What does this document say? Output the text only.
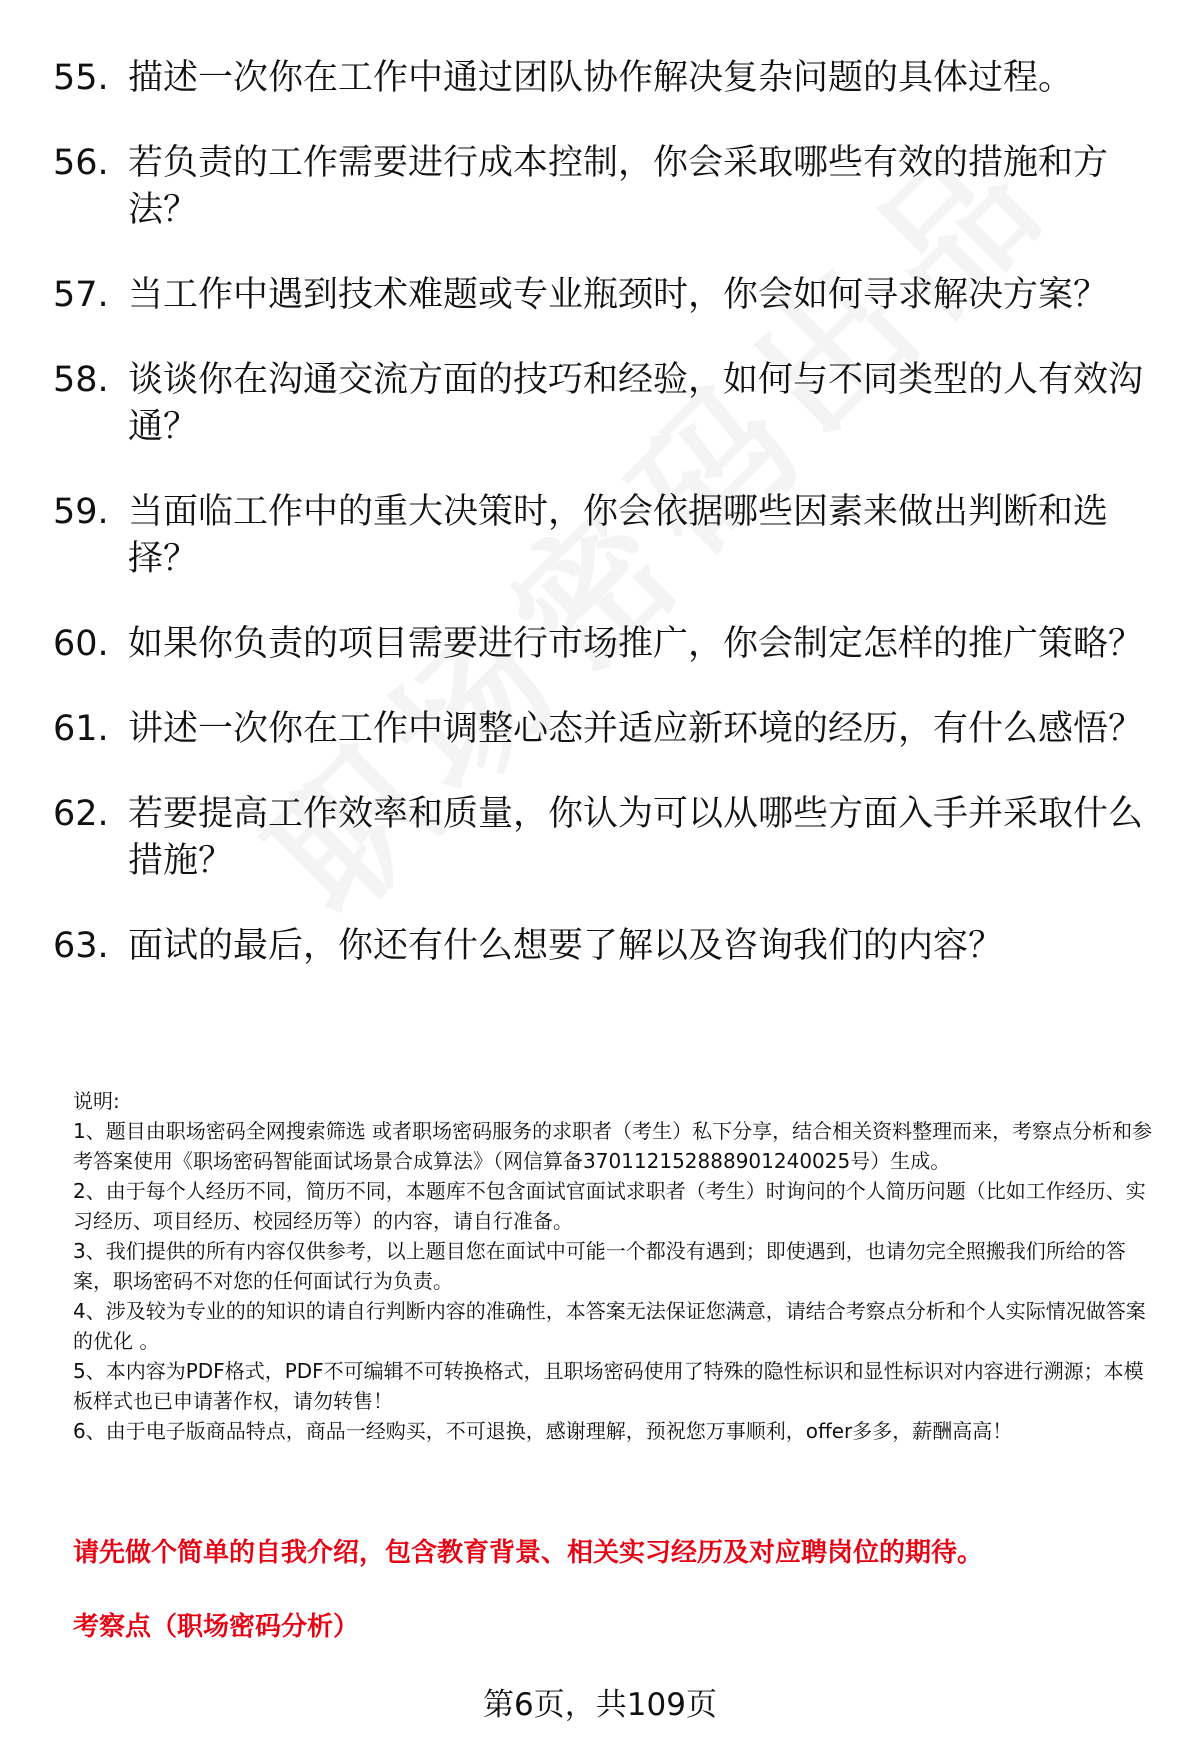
55. 描述一次你在工作中通过团队协作解决复杂问题的具体过程。
56. 若负责的工作需要进行成本控制，你会采取哪些有效的措施和方法？
57. 当工作中遇到技术难题或专业瓶颈时，你会如何寻求解决方案？
58. 谈谈你在沟通交流方面的技巧和经验，如何与不同类型的人有效沟通？
59. 当面临工作中的重大决策时，你会依据哪些因素来做出判断和选择？
60. 如果你负责的项目需要进行市场推广，你会制定怎样的推广策略？
61. 讲述一次你在工作中调整心态并适应新环境的经历，有什么感悟？
62. 若要提高工作效率和质量，你认为可以从哪些方面入手并采取什么措施？
63. 面试的最后，你还有什么想要了解以及咨询我们的内容？

说明:

1、题目由职场密码全网搜索筛选 或者职场密码服务的求职者（考生）私下分享，结合相关资料整理而来，考察点分析和参考答案使用《职场密码智能面试场景合成算法》（网信算备370112152888901240025号）生成。

2、由于每个人经历不同，简历不同，本题库不包含面试官面试求职者（考生）时询问的个人简历问题（比如工作经历、实习经历、项目经历、校园经历等）的内容，请自行准备。

3、我们提供的所有内容仅供参考，以上题目您在面试中可能一个都没有遇到；即使遇到，也请勿完全照搬我们所给的答案，职场密码不对您的任何面试行为负责。

4、涉及较为专业的的知识的请自行判断内容的准确性，本答案无法保证您满意，请结合考察点分析和个人实际情况做答案的优化 。

5、本内容为PDF格式，PDF不可编辑不可转换格式，且职场密码使用了特殊的隐性标识和显性标识对内容进行溯源；本模板样式也已申请著作权，请勿转售！

6、由于电子版商品特点，商品一经购买，不可退换，感谢理解，预祝您万事顺利，offer多多，薪酬高高！

请先做个简单的自我介绍，包含教育背景、相关实习经历及对应聘岗位的期待。
考察点（职场密码分析）
第6页，共109页
